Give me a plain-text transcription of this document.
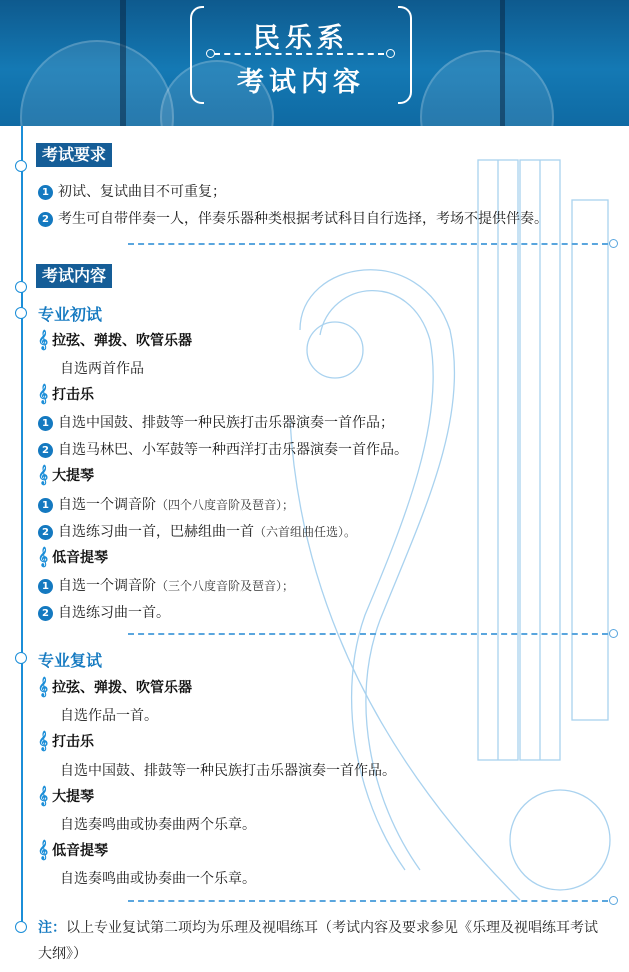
民乐系
考试内容
考试要求
1 初试、复试曲目不可重复；
2 考生可自带伴奏一人，伴奏乐器种类根据考试科目自行选择，考场不提供伴奏。
考试内容
专业初试
𝄞 拉弦、弹拨、吹管乐器
自选两首作品
𝄞 打击乐
1 自选中国鼓、排鼓等一种民族打击乐器演奏一首作品；
2 自选马林巴、小军鼓等一种西洋打击乐器演奏一首作品。
𝄞 大提琴
1 自选一个调音阶（四个八度音阶及琶音）；
2 自选练习曲一首，巴赫组曲一首（六首组曲任选）。
𝄞 低音提琴
1 自选一个调音阶（三个八度音阶及琶音）；
2 自选练习曲一首。
专业复试
𝄞 拉弦、弹拨、吹管乐器
自选作品一首。
𝄞 打击乐
自选中国鼓、排鼓等一种民族打击乐器演奏一首作品。
𝄞 大提琴
自选奏鸣曲或协奏曲两个乐章。
𝄞 低音提琴
自选奏鸣曲或协奏曲一个乐章。
注：以上专业复试第二项均为乐理及视唱练耳（考试内容及要求参见《乐理及视唱练耳考试大纲》）
